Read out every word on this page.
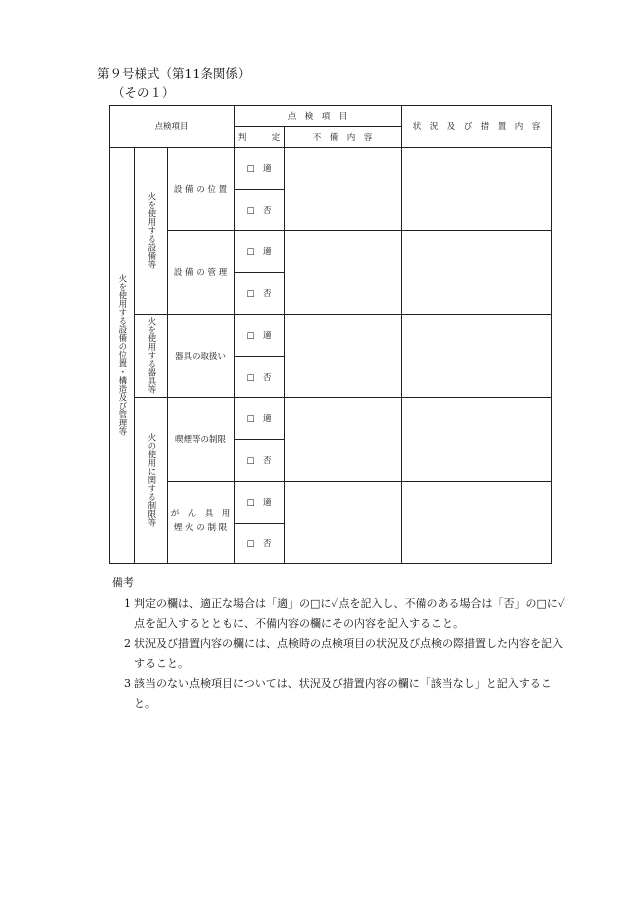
第９号様式（第11条関係）
（その１）
点検項目
点　検　項　目
判　　　定	不　備　内　容
状　況　及　び　措　置　内　容
火を使用する設備の位置・構造及び管理等
火を使用する設備等
火を使用する器具等
火の使用に関する制限等
設 備 の 位 置
設 備 の 管 理
器具の取扱い
喫煙等の制限
が　ん　具　用
煙 火 の 制 限
□　適
□　否
□　適
□　否
□　適
□　否
□　適
□　否
□　適
□　否
備考
1 判定の欄は、適正な場合は「適」の□に✓点を記入し、不備のある場合は「否」の□に✓点を記入するとともに、不備内容の欄にその内容を記入すること。
2 状況及び措置内容の欄には、点検時の点検項目の状況及び点検の際措置した内容を記入すること。
3 該当のない点検項目については、状況及び措置内容の欄に「該当なし」と記入すること。
